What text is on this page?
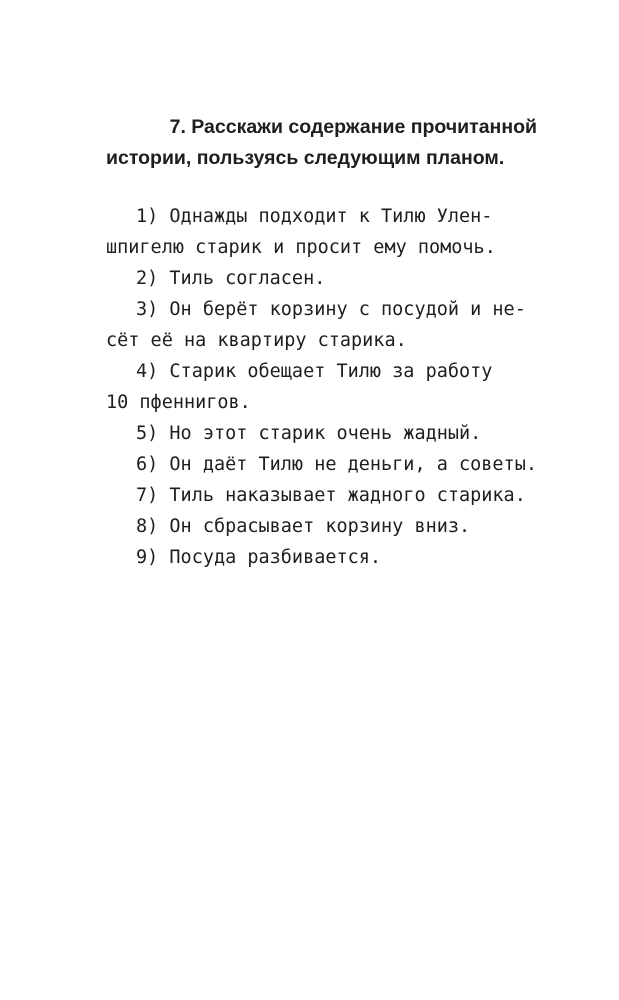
7. Расскажи содержание прочитанной
истории, пользуясь следующим планом.
1) Однажды подходит к Тилю Улен-
шпигелю старик и просит ему помочь.
2) Тиль согласен.
3) Он берёт корзину с посудой и не-
сёт её на квартиру старика.
4) Старик обещает Тилю за работу
10 пфеннигов.
5) Но этот старик очень жадный.
6) Он даёт Тилю не деньги, а советы.
7) Тиль наказывает жадного старика.
8) Он сбрасывает корзину вниз.
9) Посуда разбивается.
